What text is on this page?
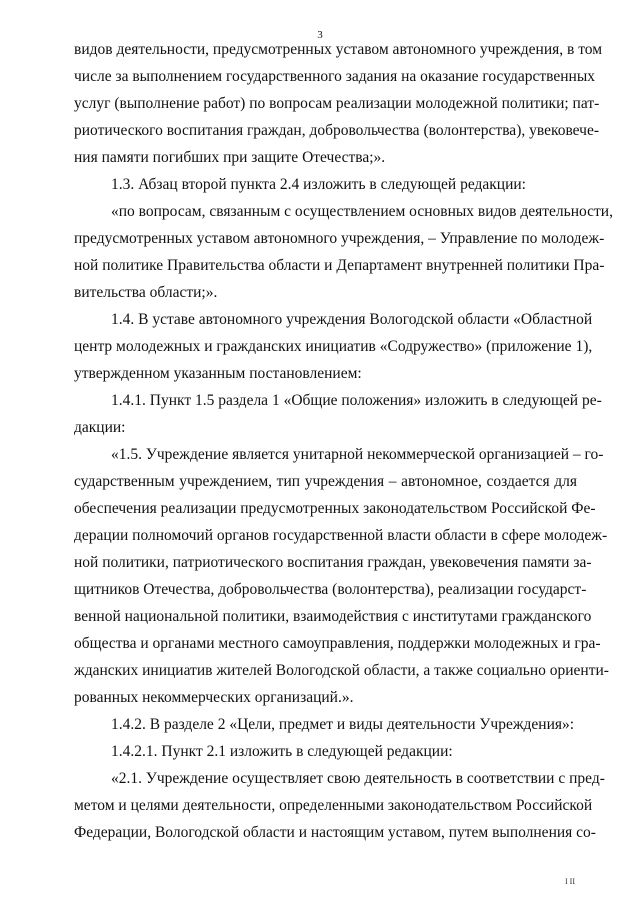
3
видов деятельности, предусмотренных уставом автономного учреждения, в том
числе за выполнением государственного задания на оказание государственных
услуг (выполнение работ) по вопросам реализации молодежной политики; пат-
риотического воспитания граждан, добровольчества (волонтерства), увековече-
ния памяти погибших при защите Отечества;».
1.3. Абзац второй пункта 2.4 изложить в следующей редакции:
«по вопросам, связанным с осуществлением основных видов деятельности,
предусмотренных уставом автономного учреждения, – Управление по молодеж-
ной политике Правительства области и Департамент внутренней политики Пра-
вительства области;».
1.4. В уставе автономного учреждения Вологодской области «Областной
центр молодежных и гражданских инициатив «Содружество» (приложение 1),
утвержденном указанным постановлением:
1.4.1. Пункт 1.5 раздела 1 «Общие положения» изложить в следующей ре-
дакции:
«1.5. Учреждение является унитарной некоммерческой организацией – го-
сударственным учреждением, тип учреждения – автономное, создается для
обеспечения реализации предусмотренных законодательством Российской Фе-
дерации полномочий органов государственной власти области в сфере молодеж-
ной политики, патриотического воспитания граждан, увековечения памяти за-
щитников Отечества, добровольчества (волонтерства), реализации государст-
венной национальной политики, взаимодействия с институтами гражданского
общества и органами местного самоуправления, поддержки молодежных и гра-
жданских инициатив жителей Вологодской области, а также социально ориенти-
рованных некоммерческих организаций.».
1.4.2. В разделе 2 «Цели, предмет и виды деятельности Учреждения»:
1.4.2.1. Пункт 2.1 изложить в следующей редакции:
«2.1. Учреждение осуществляет свою деятельность в соответствии с пред-
метом и целями деятельности, определенными законодательством Российской
Федерации, Вологодской области и настоящим уставом, путем выполнения со-
І ІІ
